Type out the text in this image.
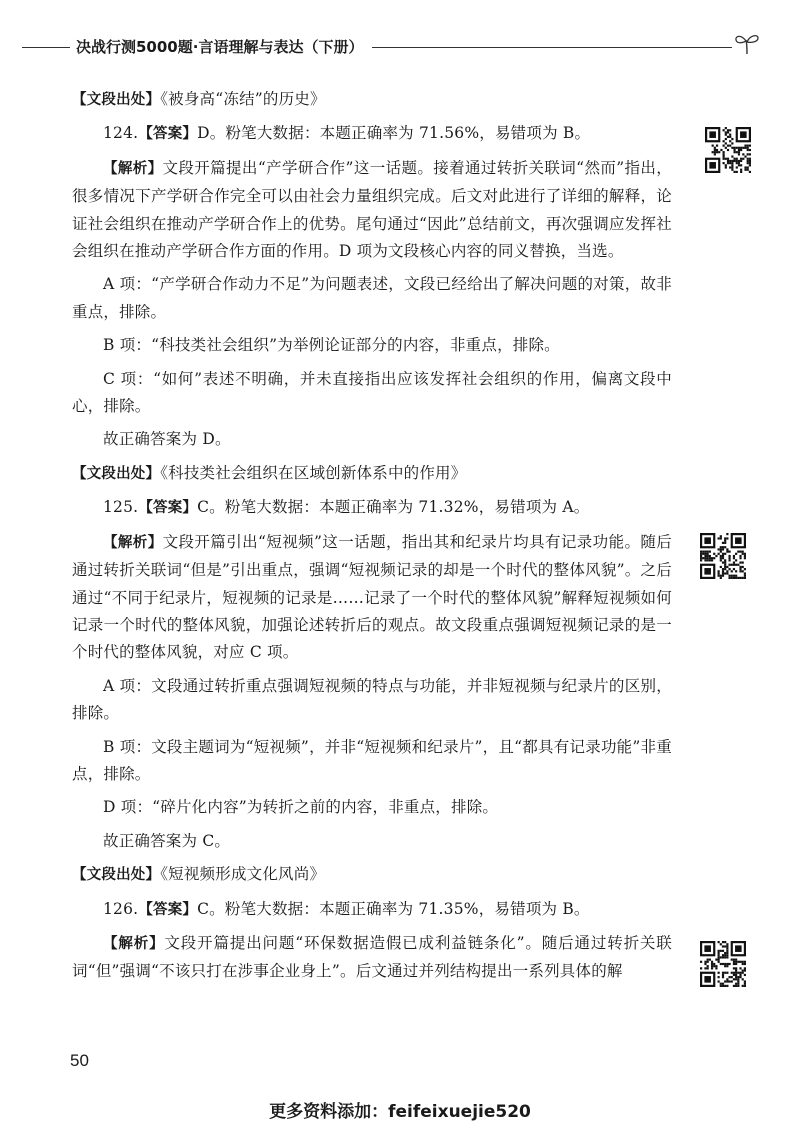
决战行测5000题·言语理解与表达（下册）

【文段出处】《被身高“冻结”的历史》

124.【答案】D。粉笔大数据：本题正确率为 71.56%，易错项为 B。

【解析】文段开篇提出“产学研合作”这一话题。接着通过转折关联词“然而”指出，很多情况下产学研合作完全可以由社会力量组织完成。后文对此进行了详细的解释，论证社会组织在推动产学研合作上的优势。尾句通过“因此”总结前文，再次强调应发挥社会组织在推动产学研合作方面的作用。D 项为文段核心内容的同义替换，当选。

A 项：“产学研合作动力不足”为问题表述，文段已经给出了解决问题的对策，故非重点，排除。

B 项：“科技类社会组织”为举例论证部分的内容，非重点，排除。

C 项：“如何”表述不明确，并未直接指出应该发挥社会组织的作用，偏离文段中心，排除。

故正确答案为 D。

【文段出处】《科技类社会组织在区域创新体系中的作用》

125.【答案】C。粉笔大数据：本题正确率为 71.32%，易错项为 A。

【解析】文段开篇引出“短视频”这一话题，指出其和纪录片均具有记录功能。随后通过转折关联词“但是”引出重点，强调“短视频记录的却是一个时代的整体风貌”。之后通过“不同于纪录片，短视频的记录是……记录了一个时代的整体风貌”解释短视频如何记录一个时代的整体风貌，加强论述转折后的观点。故文段重点强调短视频记录的是一个时代的整体风貌，对应 C 项。

A 项：文段通过转折重点强调短视频的特点与功能，并非短视频与纪录片的区别，排除。

B 项：文段主题词为“短视频”，并非“短视频和纪录片”，且“都具有记录功能”非重点，排除。

D 项：“碎片化内容”为转折之前的内容，非重点，排除。

故正确答案为 C。

【文段出处】《短视频形成文化风尚》

126.【答案】C。粉笔大数据：本题正确率为 71.35%，易错项为 B。

【解析】文段开篇提出问题“环保数据造假已成利益链条化”。随后通过转折关联词“但”强调“不该只打在涉事企业身上”。后文通过并列结构提出一系列具体的解

50
更多资料添加：feifeixuejie520
